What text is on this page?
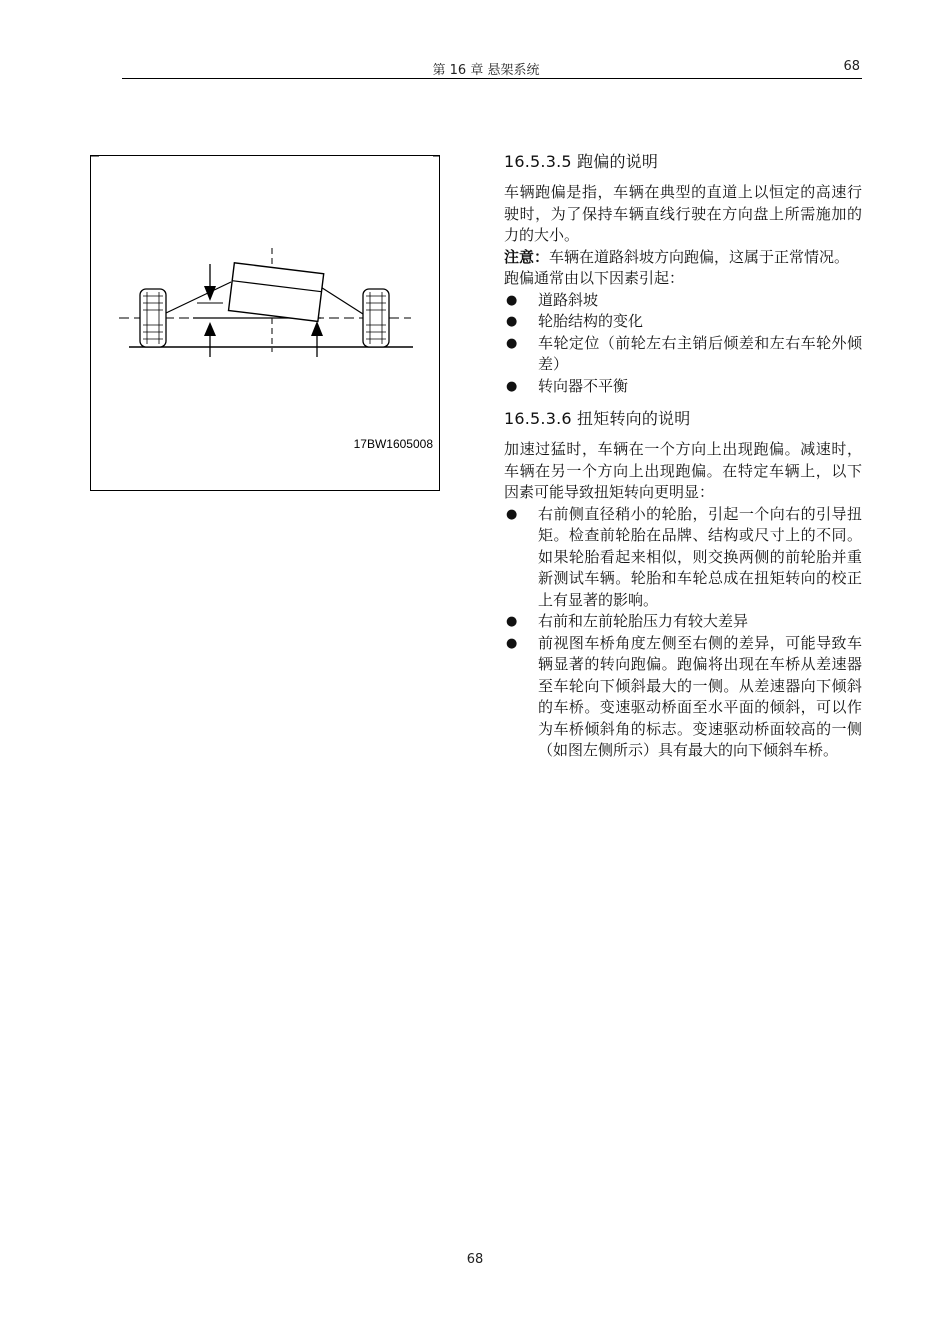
第 16 章 悬架系统	68
17BW1605008
16.5.3.5 跑偏的说明

车辆跑偏是指，车辆在典型的直道上以恒定的高速行驶时，为了保持车辆直线行驶在方向盘上所需施加的力的大小。

注意：车辆在道路斜坡方向跑偏，这属于正常情况。

跑偏通常由以下因素引起：

● 道路斜坡
● 轮胎结构的变化
● 车轮定位（前轮左右主销后倾差和左右车轮外倾差）
● 转向器不平衡
16.5.3.6 扭矩转向的说明

加速过猛时，车辆在一个方向上出现跑偏。减速时，车辆在另一个方向上出现跑偏。在特定车辆上，以下因素可能导致扭矩转向更明显：

● 右前侧直径稍小的轮胎，引起一个向右的引导扭矩。检查前轮胎在品牌、结构或尺寸上的不同。如果轮胎看起来相似，则交换两侧的前轮胎并重新测试车辆。轮胎和车轮总成在扭矩转向的校正上有显著的影响。
● 右前和左前轮胎压力有较大差异
● 前视图车桥角度左侧至右侧的差异，可能导致车辆显著的转向跑偏。跑偏将出现在车桥从差速器至车轮向下倾斜最大的一侧。从差速器向下倾斜的车桥。变速驱动桥面至水平面的倾斜，可以作为车桥倾斜角的标志。变速驱动桥面较高的一侧（如图左侧所示）具有最大的向下倾斜车桥。
68
